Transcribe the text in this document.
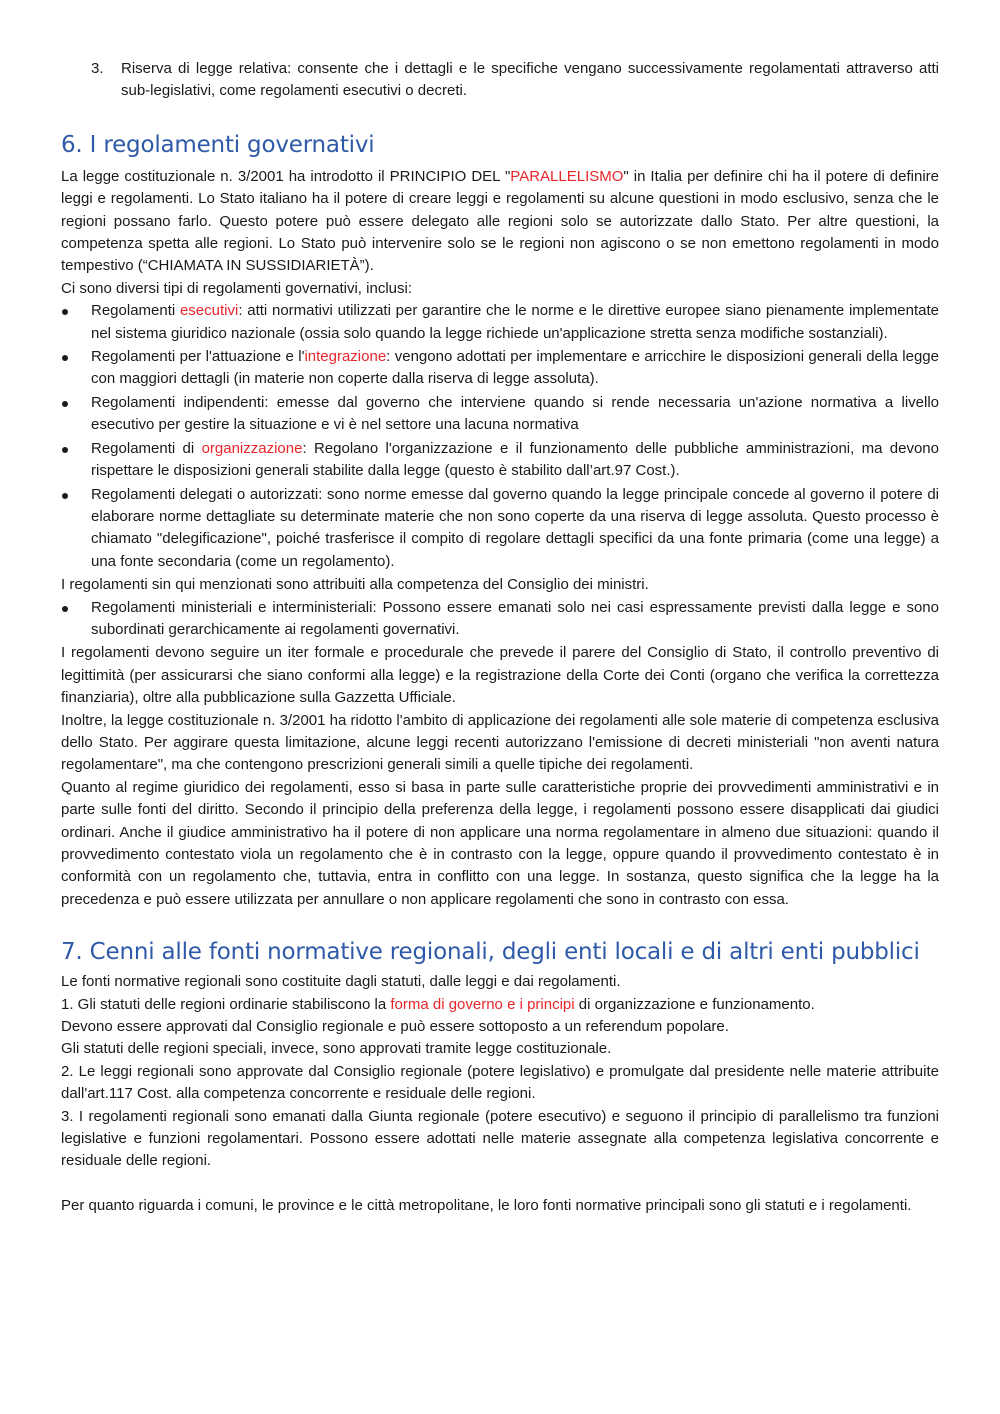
3. Riserva di legge relativa: consente che i dettagli e le specifiche vengano successivamente regolamentati attraverso atti sub-legislativi, come regolamenti esecutivi o decreti.

6. I regolamenti governativi

La legge costituzionale n. 3/2001 ha introdotto il PRINCIPIO DEL "PARALLELISMO" in Italia per definire chi ha il potere di definire leggi e regolamenti. Lo Stato italiano ha il potere di creare leggi e regolamenti su alcune questioni in modo esclusivo, senza che le regioni possano farlo. Questo potere può essere delegato alle regioni solo se autorizzate dallo Stato. Per altre questioni, la competenza spetta alle regioni. Lo Stato può intervenire solo se le regioni non agiscono o se non emettono regolamenti in modo tempestivo (“CHIAMATA IN SUSSIDIARIETÀ”).

Ci sono diversi tipi di regolamenti governativi, inclusi:

Regolamenti esecutivi: atti normativi utilizzati per garantire che le norme e le direttive europee siano pienamente implementate nel sistema giuridico nazionale (ossia solo quando la legge richiede un'applicazione stretta senza modifiche sostanziali).
Regolamenti per l'attuazione e l'integrazione: vengono adottati per implementare e arricchire le disposizioni generali della legge con maggiori dettagli (in materie non coperte dalla riserva di legge assoluta).
Regolamenti indipendenti: emesse dal governo che interviene quando si rende necessaria un'azione normativa a livello esecutivo per gestire la situazione e vi è nel settore una lacuna normativa
Regolamenti di organizzazione: Regolano l'organizzazione e il funzionamento delle pubbliche amministrazioni, ma devono rispettare le disposizioni generali stabilite dalla legge (questo è stabilito dall’art.97 Cost.).
Regolamenti delegati o autorizzati: sono norme emesse dal governo quando la legge principale concede al governo il potere di elaborare norme dettagliate su determinate materie che non sono coperte da una riserva di legge assoluta. Questo processo è chiamato "delegificazione", poiché trasferisce il compito di regolare dettagli specifici da una fonte primaria (come una legge) a una fonte secondaria (come un regolamento).

I regolamenti sin qui menzionati sono attribuiti alla competenza del Consiglio dei ministri.

Regolamenti ministeriali e interministeriali: Possono essere emanati solo nei casi espressamente previsti dalla legge e sono subordinati gerarchicamente ai regolamenti governativi.

I regolamenti devono seguire un iter formale e procedurale che prevede il parere del Consiglio di Stato, il controllo preventivo di legittimità (per assicurarsi che siano conformi alla legge) e la registrazione della Corte dei Conti (organo che verifica la correttezza finanziaria), oltre alla pubblicazione sulla Gazzetta Ufficiale.

Inoltre, la legge costituzionale n. 3/2001 ha ridotto l'ambito di applicazione dei regolamenti alle sole materie di competenza esclusiva dello Stato. Per aggirare questa limitazione, alcune leggi recenti autorizzano l'emissione di decreti ministeriali "non aventi natura regolamentare", ma che contengono prescrizioni generali simili a quelle tipiche dei regolamenti.

Quanto al regime giuridico dei regolamenti, esso si basa in parte sulle caratteristiche proprie dei provvedimenti amministrativi e in parte sulle fonti del diritto. Secondo il principio della preferenza della legge, i regolamenti possono essere disapplicati dai giudici ordinari. Anche il giudice amministrativo ha il potere di non applicare una norma regolamentare in almeno due situazioni: quando il provvedimento contestato viola un regolamento che è in contrasto con la legge, oppure quando il provvedimento contestato è in conformità con un regolamento che, tuttavia, entra in conflitto con una legge. In sostanza, questo significa che la legge ha la precedenza e può essere utilizzata per annullare o non applicare regolamenti che sono in contrasto con essa.

7. Cenni alle fonti normative regionali, degli enti locali e di altri enti pubblici

Le fonti normative regionali sono costituite dagli statuti, dalle leggi e dai regolamenti.

1. Gli statuti delle regioni ordinarie stabiliscono la forma di governo e i principi di organizzazione e funzionamento.

Devono essere approvati dal Consiglio regionale e può essere sottoposto a un referendum popolare.

Gli statuti delle regioni speciali, invece, sono approvati tramite legge costituzionale.

2. Le leggi regionali sono approvate dal Consiglio regionale (potere legislativo) e promulgate dal presidente nelle materie attribuite dall'art.117 Cost. alla competenza concorrente e residuale delle regioni.

3. I regolamenti regionali sono emanati dalla Giunta regionale (potere esecutivo) e seguono il principio di parallelismo tra funzioni legislative e funzioni regolamentari. Possono essere adottati nelle materie assegnate alla competenza legislativa concorrente e residuale delle regioni.

Per quanto riguarda i comuni, le province e le città metropolitane, le loro fonti normative principali sono gli statuti e i regolamenti.
